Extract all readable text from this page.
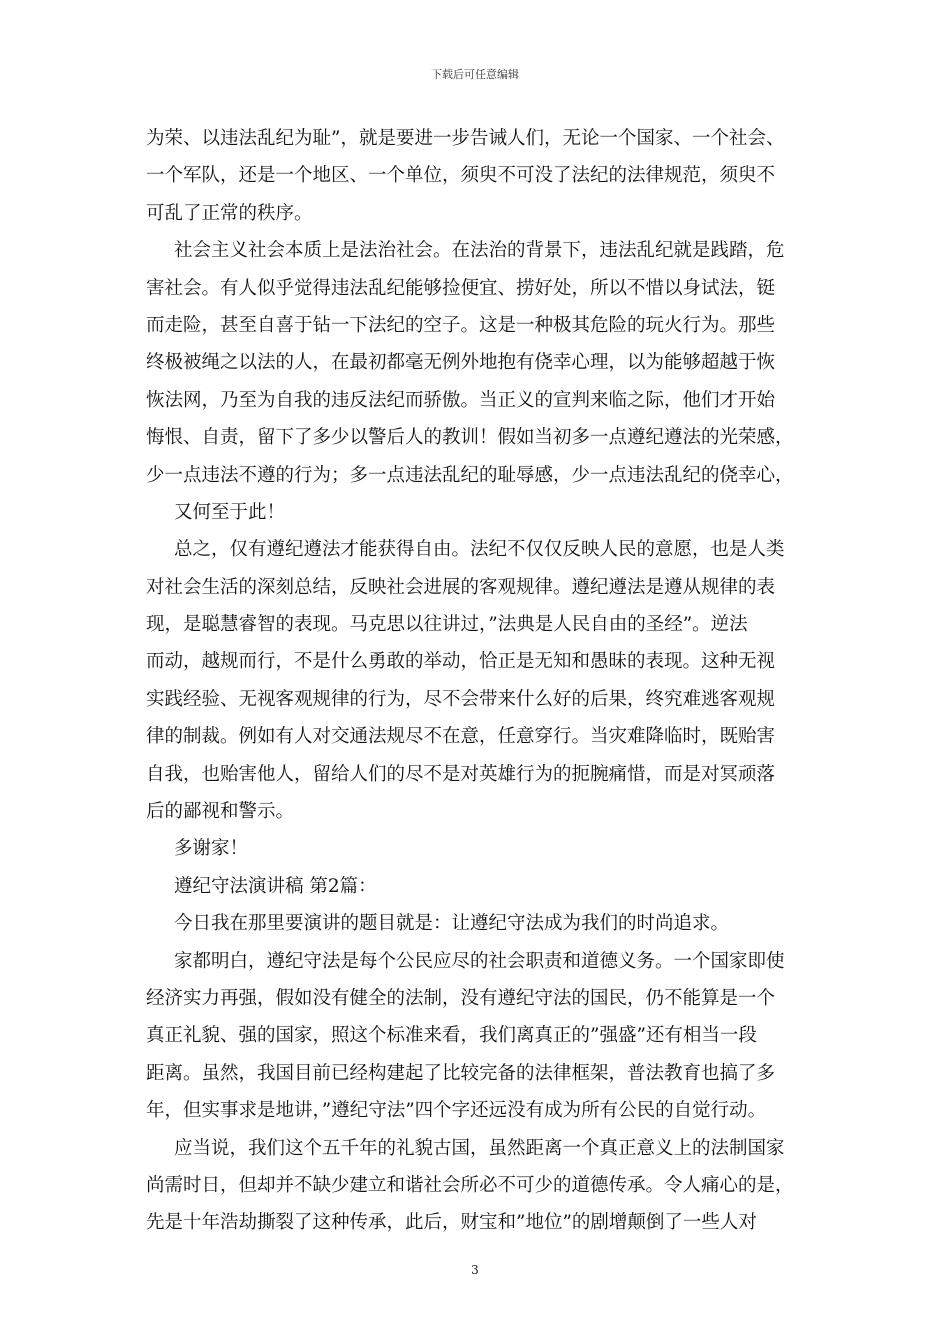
下载后可任意编辑
为荣、以违法乱纪为耻”，就是要进一步告诫人们，无论一个国家、一个社会、
一个军队，还是一个地区、一个单位，须臾不可没了法纪的法律规范，须臾不
可乱了正常的秩序。
社会主义社会本质上是法治社会。在法治的背景下，违法乱纪就是践踏，危
害社会。有人似乎觉得违法乱纪能够捡便宜、捞好处，所以不惜以身试法，铤
而走险，甚至自喜于钻一下法纪的空子。这是一种极其危险的玩火行为。那些
终极被绳之以法的人，在最初都毫无例外地抱有侥幸心理，以为能够超越于恢
恢法网，乃至为自我的违反法纪而骄傲。当正义的宣判来临之际，他们才开始
悔恨、自责，留下了多少以警后人的教训！假如当初多一点遵纪遵法的光荣感，
少一点违法不遵的行为；多一点违法乱纪的耻辱感，少一点违法乱纪的侥幸心，
又何至于此！
总之，仅有遵纪遵法才能获得自由。法纪不仅仅反映人民的意愿，也是人类
对社会生活的深刻总结，反映社会进展的客观规律。遵纪遵法是遵从规律的表
现，是聪慧睿智的表现。马克思以往讲过，”法典是人民自由的圣经”。逆法
而动，越规而行，不是什么勇敢的举动，恰正是无知和愚昧的表现。这种无视
实践经验、无视客观规律的行为，尽不会带来什么好的后果，终究难逃客观规
律的制裁。例如有人对交通法规尽不在意，任意穿行。当灾难降临时，既贻害
自我，也贻害他人，留给人们的尽不是对英雄行为的扼腕痛惜，而是对冥顽落
后的鄙视和警示。
多谢家！
遵纪守法演讲稿 第2篇：
今日我在那里要演讲的题目就是：让遵纪守法成为我们的时尚追求。
家都明白，遵纪守法是每个公民应尽的社会职责和道德义务。一个国家即使
经济实力再强，假如没有健全的法制，没有遵纪守法的国民，仍不能算是一个
真正礼貌、强的国家，照这个标准来看，我们离真正的”强盛”还有相当一段
距离。虽然，我国目前已经构建起了比较完备的法律框架，普法教育也搞了多
年，但实事求是地讲，”遵纪守法”四个字还远没有成为所有公民的自觉行动。
应当说，我们这个五千年的礼貌古国，虽然距离一个真正意义上的法制国家
尚需时日，但却并不缺少建立和谐社会所必不可少的道德传承。令人痛心的是，
先是十年浩劫撕裂了这种传承，此后，财宝和”地位”的剧增颠倒了一些人对
3
